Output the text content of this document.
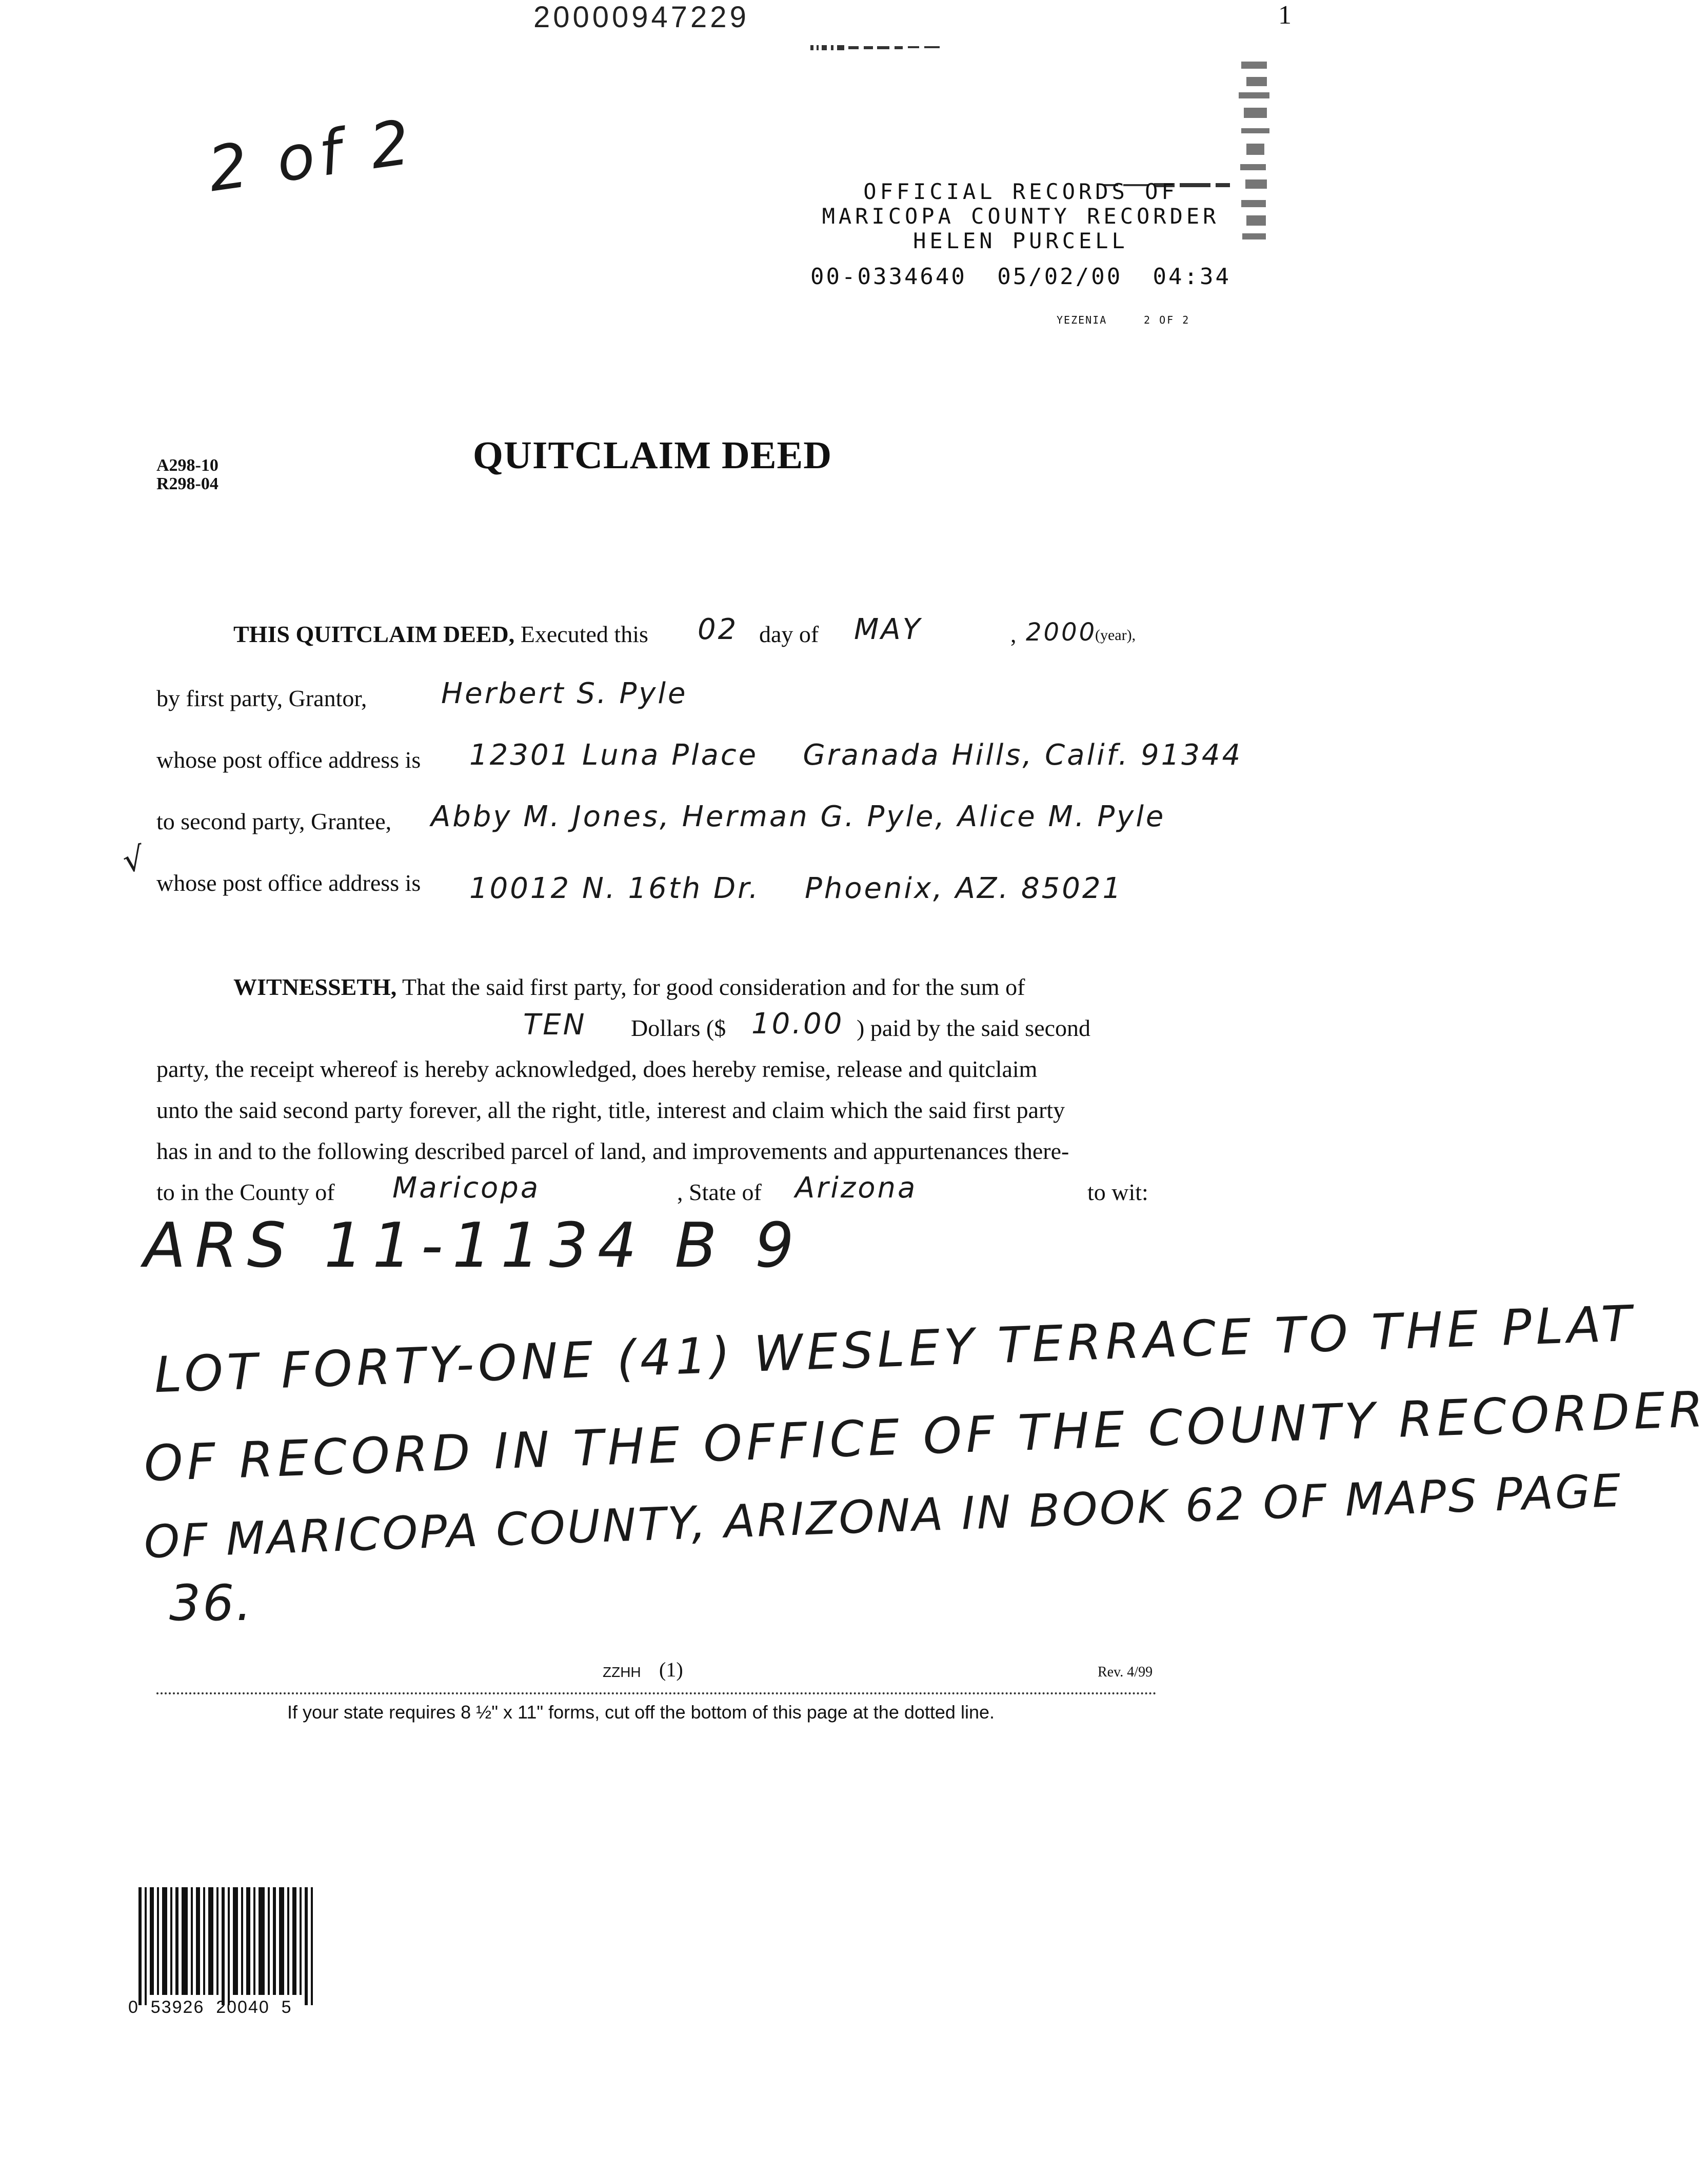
20000947229	1
2 of 2	OFFICIAL RECORDS OF
MARICOPA COUNTY RECORDER
HELEN PURCELL
00-0334640 05/02/00 04:34
YEZENIA	2 OF 2
A298-10
R298-04
QUITCLAIM DEED
THIS QUITCLAIM DEED, Executed this 02 day of MAY	, 2000
(year),
by first party, Grantor,	Herbert S. Pyle
whose post office address is 12301 Luna Place    Granada Hills, Calif. 91344
√
to second party, Grantee, Abby M. Jones, Herman G. Pyle, Alice M. Pyle
whose post office address is 10012 N. 16th Dr.    Phoenix, AZ. 85021
WITNESSETH, That the said first party, for good consideration and for the sum of
TEN Dollars ($ 10.00 ) paid by the said second
party, the receipt whereof is hereby acknowledged, does hereby remise, release and quitclaim
unto the said second party forever, all the right, title, interest and claim which the said first party
has in and to the following described parcel of land, and improvements and appurtenances there-
to in the County of Maricopa	, State of Arizona	to wit:
ARS 11-1134 B 9
LOT FORTY-ONE (41) WESLEY TERRACE TO THE PLAT
OF RECORD IN THE OFFICE OF THE COUNTY RECORDER
OF MARICOPA COUNTY, ARIZONA IN BOOK 62 OF MAPS PAGE
36.
ZZHH (1)	Rev. 4/99
If your state requires 8 ½" x 11" forms, cut off the bottom of this page at the dotted line.
0  53926  20040  5
